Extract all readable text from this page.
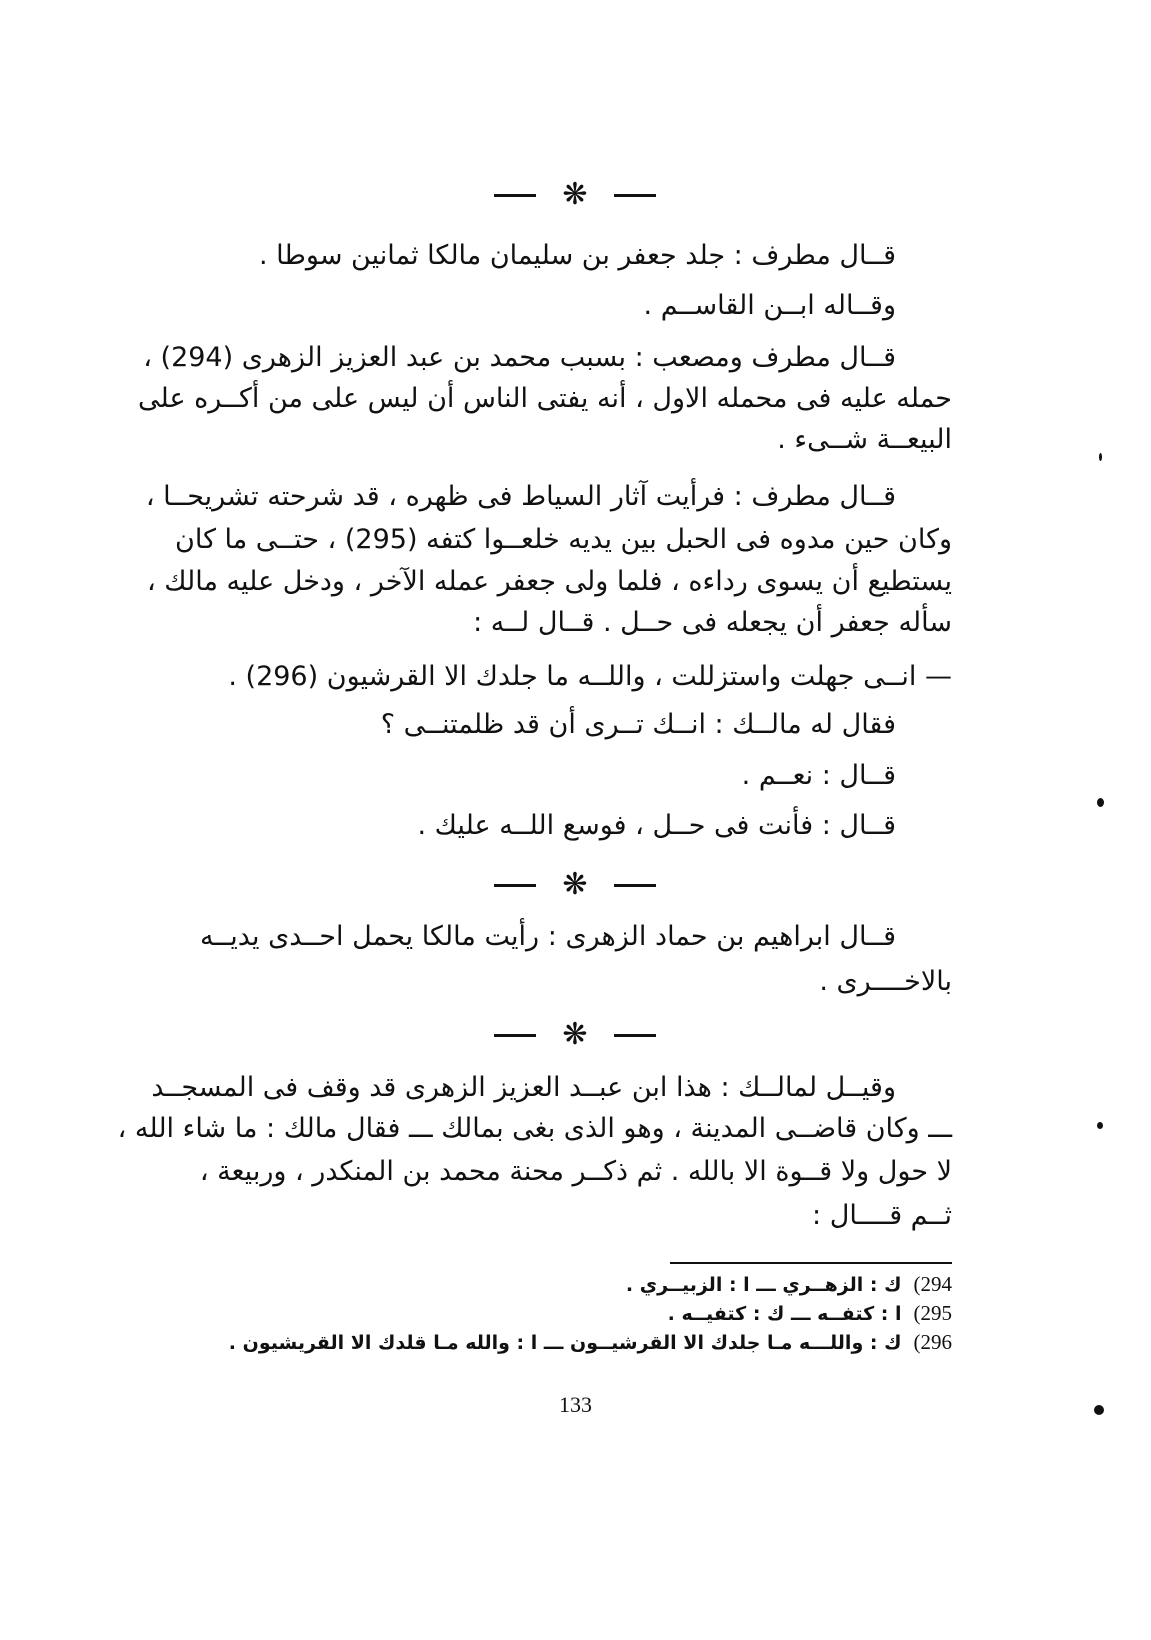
❋
قــال مطرف : جلد جعفر بن سليمان مالكا ثمانين سوطا .
وقــاله ابــن القاســم .
قــال مطرف ومصعب : بسبب محمد بن عبد العزيز الزهرى (294) ،
حمله عليه فى محمله الاول ، أنه يفتى الناس أن ليس على من أكــره على
البيعــة شــىء .
قــال مطرف : فرأيت آثار السياط فى ظهره ، قد شرحته تشريحــا ،
وكان حين مدوه فى الحبل بين يديه خلعــوا كتفه (295) ، حتــى ما كان
يستطيع أن يسوى رداءه ، فلما ولى جعفر عمله الآخر ، ودخل عليه مالك ،
سأله جعفر أن يجعله فى حــل . قــال لــه :
— انــى جهلت واستزللت ، واللــه ما جلدك الا القرشيون (296) .
فقال له مالــك : انــك تــرى أن قد ظلمتنــى ؟
قــال : نعــم .
قــال : فأنت فى حــل ، فوسع اللــه عليك .
❋
قــال ابراهيم بن حماد الزهرى : رأيت مالكا يحمل احــدى يديــه
بالاخــــرى .
❋
وقيــل لمالــك : هذا ابن عبــد العزيز الزهرى قد وقف فى المسجــد
ـــ وكان قاضــى المدينة ، وهو الذى بغى بمالك ـــ فقال مالك : ما شاء الله ،
لا حول ولا قــوة الا بالله . ثم ذكــر محنة محمد بن المنكدر ، وربيعة ،
ثــم قــــال :
294)ك : الزهــري ـــ ا : الزبيــري .
295)ا : كتفــه ـــ ك : كتفيــه .
296)ك : واللـــه مـا جلدك الا القرشيــون ـــ ا : والله مـا قلدك الا القريشيون .
133
